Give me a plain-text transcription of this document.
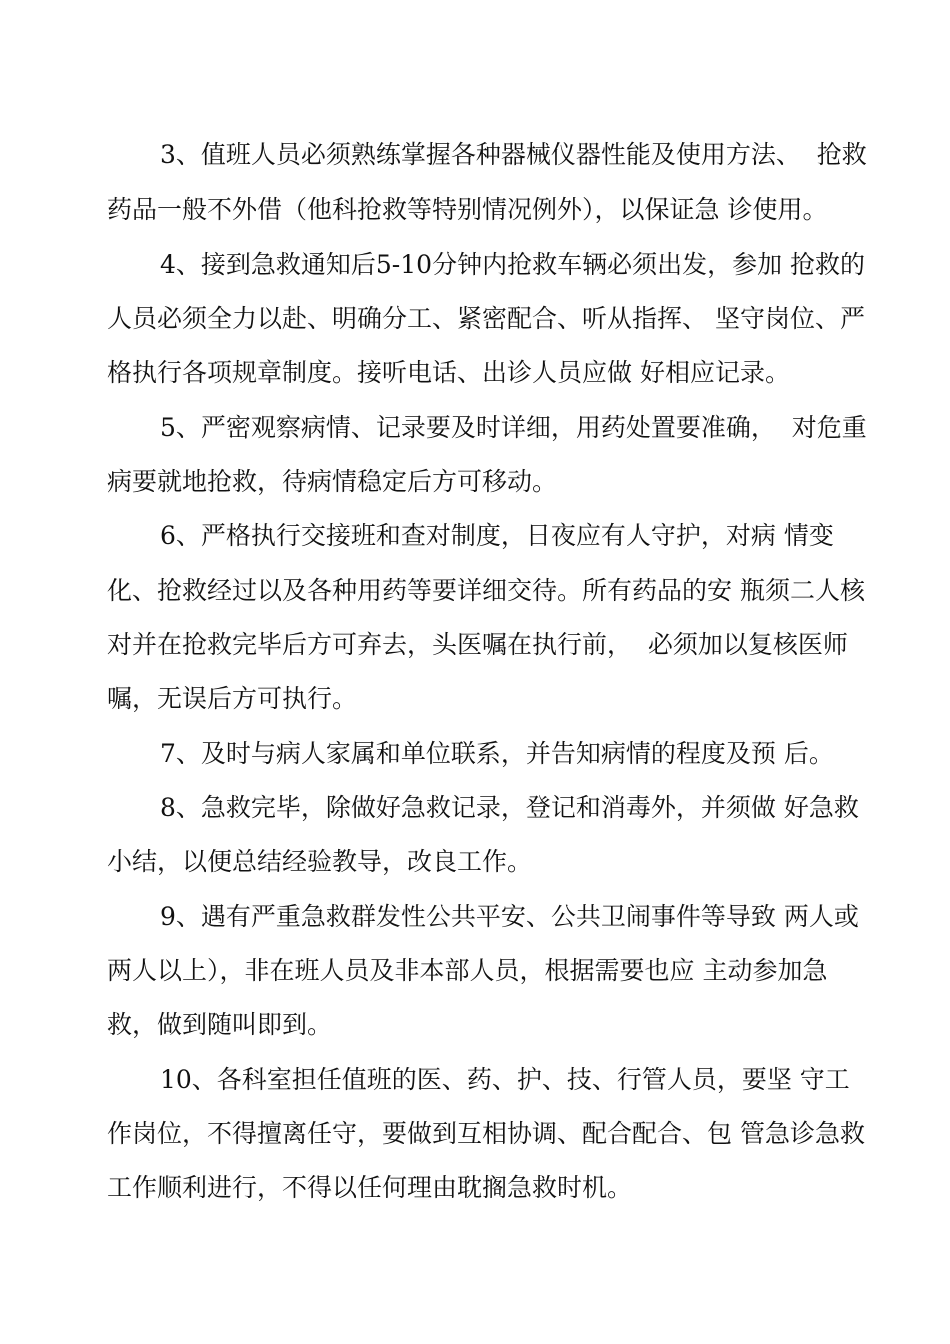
3、值班人员必须熟练掌握各种器械仪器性能及使用方法、  抢救
药品一般不外借（他科抢救等特别情况例外），以保证急 诊使用。
4、接到急救通知后5-10分钟内抢救车辆必须出发，参加 抢救的
人员必须全力以赴、明确分工、紧密配合、听从指挥、 坚守岗位、严
格执行各项规章制度。接听电话、出诊人员应做 好相应记录。
5、严密观察病情、记录要及时详细，用药处置要准确，  对危重
病要就地抢救，待病情稳定后方可移动。
6、严格执行交接班和查对制度，日夜应有人守护，对病 情变
化、抢救经过以及各种用药等要详细交待。所有药品的安 瓶须二人核
对并在抢救完毕后方可弃去，头医嘱在执行前，  必须加以复核医师
嘱，无误后方可执行。
7、及时与病人家属和单位联系，并告知病情的程度及预 后。
8、急救完毕，除做好急救记录，登记和消毒外，并须做 好急救
小结，以便总结经验教导，改良工作。
9、遇有严重急救群发性公共平安、公共卫闹事件等导致 两人或
两人以上），非在班人员及非本部人员，根据需要也应 主动参加急
救，做到随叫即到。
10、各科室担任值班的医、药、护、技、行管人员，要坚 守工
作岗位，不得擅离任守，要做到互相协调、配合配合、包 管急诊急救
工作顺利进行，不得以任何理由耽搁急救时机。
